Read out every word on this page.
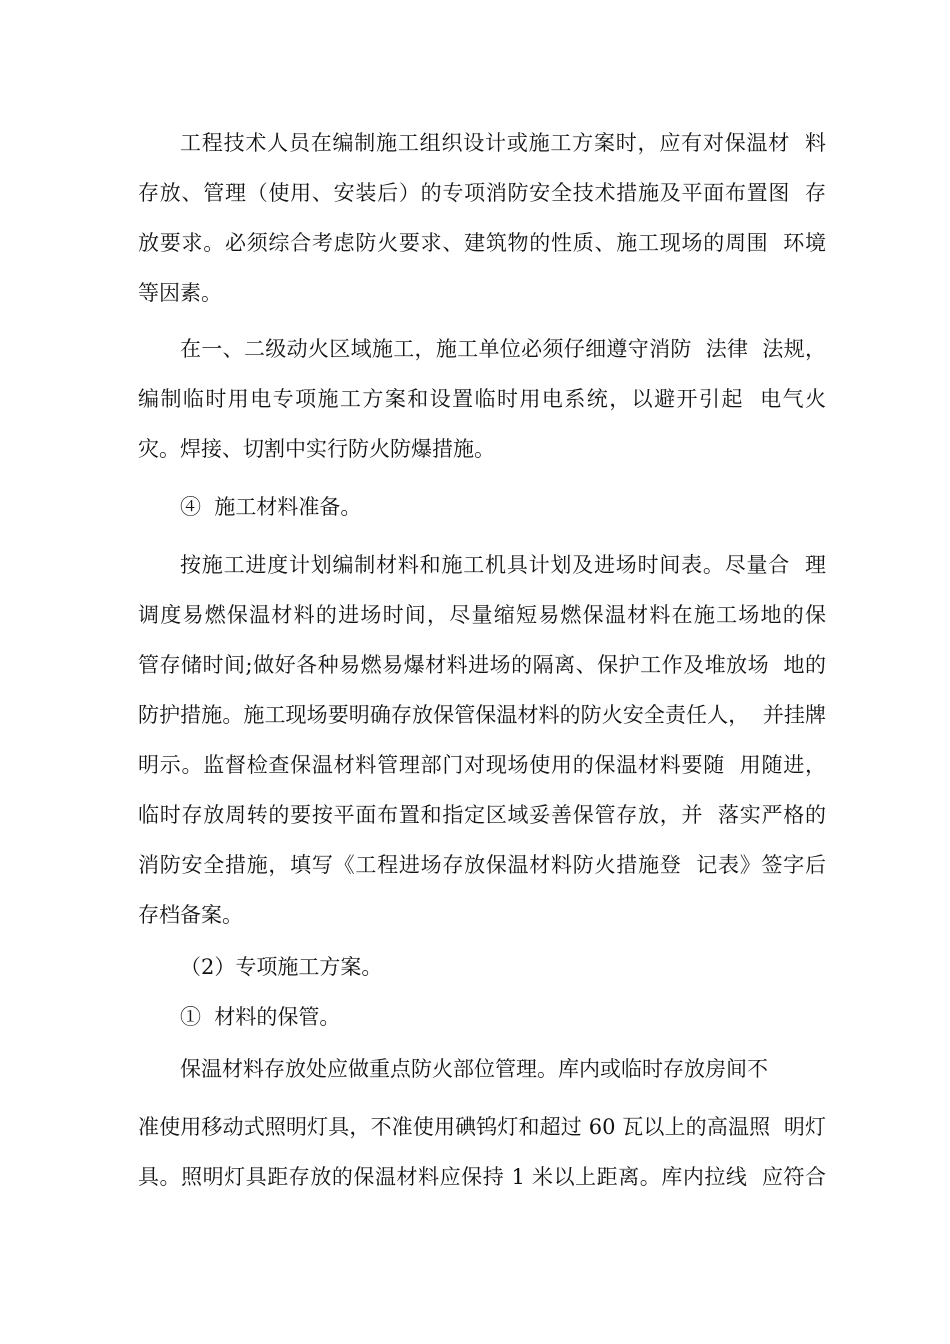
工程技术人员在编制施工组织设计或施工方案时，应有对保温材  料
存放、管理（使用、安装后）的专项消防安全技术措施及平面布置图  存
放要求。必须综合考虑防火要求、建筑物的性质、施工现场的周围  环境
等因素。
在一、二级动火区域施工，施工单位必须仔细遵守消防  法律  法规，
编制临时用电专项施工方案和设置临时用电系统，以避开引起  电气火
灾。焊接、切割中实行防火防爆措施。
④  施工材料准备。
按施工进度计划编制材料和施工机具计划及进场时间表。尽量合  理
调度易燃保温材料的进场时间，尽量缩短易燃保温材料在施工场地的保
管存储时间;做好各种易燃易爆材料进场的隔离、保护工作及堆放场  地的
防护措施。施工现场要明确存放保管保温材料的防火安全责任人，  并挂牌
明示。监督检查保温材料管理部门对现场使用的保温材料要随  用随进，
临时存放周转的要按平面布置和指定区域妥善保管存放，并  落实严格的
消防安全措施，填写《工程进场存放保温材料防火措施登  记表》签字后
存档备案。
（2）专项施工方案。
①  材料的保管。
保温材料存放处应做重点防火部位管理。库内或临时存放房间不
准使用移动式照明灯具，不准使用碘钨灯和超过 60 瓦以上的高温照  明灯
具。照明灯具距存放的保温材料应保持 1 米以上距离。库内拉线  应符合
